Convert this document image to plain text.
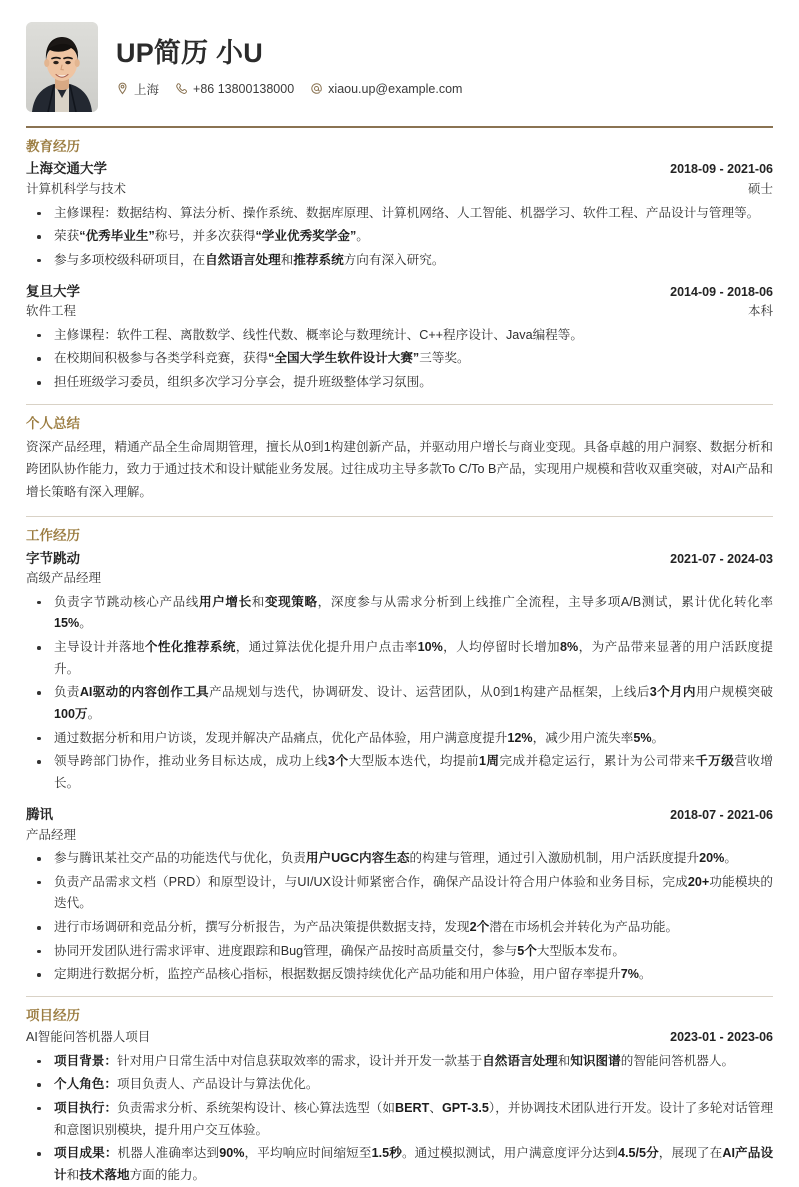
UP简历 小U
上海	+86 13800138000	xiaou.up@example.com
教育经历
上海交通大学	2018-09 - 2021-06
计算机科学与技术	硕士
主修课程：数据结构、算法分析、操作系统、数据库原理、计算机网络、人工智能、机器学习、软件工程、产品设计与管理等。
荣获“优秀毕业生”称号，并多次获得“学业优秀奖学金”。
参与多项校级科研项目，在自然语言处理和推荐系统方向有深入研究。
复旦大学	2014-09 - 2018-06
软件工程	本科
主修课程：软件工程、离散数学、线性代数、概率论与数理统计、C++程序设计、Java编程等。
在校期间积极参与各类学科竞赛，获得“全国大学生软件设计大赛”三等奖。
担任班级学习委员，组织多次学习分享会，提升班级整体学习氛围。
个人总结
资深产品经理，精通产品全生命周期管理，擅长从0到1构建创新产品，并驱动用户增长与商业变现。具备卓越的用户洞察、数据分析和跨团队协作能力，致力于通过技术和设计赋能业务发展。过往成功主导多款To C/To B产品，实现用户规模和营收双重突破，对AI产品和增长策略有深入理解。
工作经历
字节跳动	2021-07 - 2024-03
高级产品经理
负责字节跳动核心产品线用户增长和变现策略，深度参与从需求分析到上线推广全流程，主导多项A/B测试，累计优化转化率15%。
主导设计并落地个性化推荐系统，通过算法优化提升用户点击率10%，人均停留时长增加8%，为产品带来显著的用户活跃度提升。
负责AI驱动的内容创作工具产品规划与迭代，协调研发、设计、运营团队，从0到1构建产品框架，上线后3个月内用户规模突破100万。
通过数据分析和用户访谈，发现并解决产品痛点，优化产品体验，用户满意度提升12%，减少用户流失率5%。
领导跨部门协作，推动业务目标达成，成功上线3个大型版本迭代，均提前1周完成并稳定运行，累计为公司带来千万级营收增长。
腾讯	2018-07 - 2021-06
产品经理
参与腾讯某社交产品的功能迭代与优化，负责用户UGC内容生态的构建与管理，通过引入激励机制，用户活跃度提升20%。
负责产品需求文档（PRD）和原型设计，与UI/UX设计师紧密合作，确保产品设计符合用户体验和业务目标，完成20+功能模块的迭代。
进行市场调研和竞品分析，撰写分析报告，为产品决策提供数据支持，发现2个潜在市场机会并转化为产品功能。
协同开发团队进行需求评审、进度跟踪和Bug管理，确保产品按时高质量交付，参与5个大型版本发布。
定期进行数据分析，监控产品核心指标，根据数据反馈持续优化产品功能和用户体验，用户留存率提升7%。
项目经历
AI智能问答机器人项目	2023-01 - 2023-06
项目背景：针对用户日常生活中对信息获取效率的需求，设计并开发一款基于自然语言处理和知识图谱的智能问答机器人。
个人角色：项目负责人、产品设计与算法优化。
项目执行：负责需求分析、系统架构设计、核心算法选型（如BERT、GPT-3.5），并协调技术团队进行开发。设计了多轮对话管理和意图识别模块，提升用户交互体验。
项目成果：机器人准确率达到90%，平均响应时间缩短至1.5秒。通过模拟测试，用户满意度评分达到4.5/5分，展现了在AI产品设计和技术落地方面的能力。
